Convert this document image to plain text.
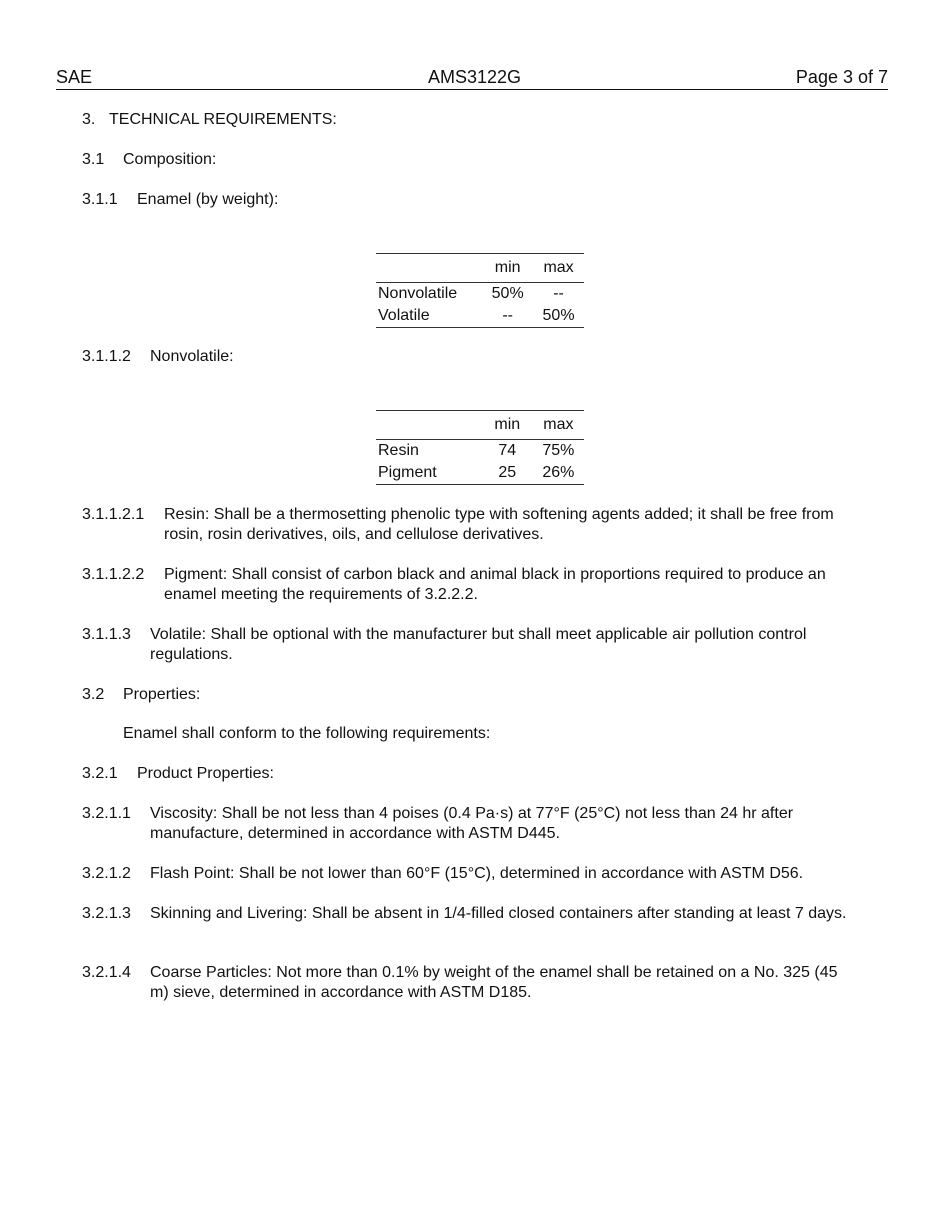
SAE	AMS3122G	Page 3 of 7
3. TECHNICAL REQUIREMENTS:
3.1 Composition:
3.1.1 Enamel (by weight):
	min	max
Nonvolatile	50%	--
Volatile	--	50%
3.1.1.2 Nonvolatile:
	min	max
Resin	74	75%
Pigment	25	26%
3.1.1.2.1 Resin: Shall be a thermosetting phenolic type with softening agents added; it shall be free from rosin, rosin derivatives, oils, and cellulose derivatives.
3.1.1.2.2 Pigment: Shall consist of carbon black and animal black in proportions required to produce an enamel meeting the requirements of 3.2.2.2.
3.1.1.3 Volatile: Shall be optional with the manufacturer but shall meet applicable air pollution control regulations.
3.2 Properties:
Enamel shall conform to the following requirements:
3.2.1 Product Properties:
3.2.1.1 Viscosity: Shall be not less than 4 poises (0.4 Pa·s) at 77°F (25°C) not less than 24 hr after manufacture, determined in accordance with ASTM D445.
3.2.1.2 Flash Point: Shall be not lower than 60°F (15°C), determined in accordance with ASTM D56.
3.2.1.3 Skinning and Livering: Shall be absent in 1/4-filled closed containers after standing at least 7 days.
3.2.1.4 Coarse Particles: Not more than 0.1% by weight of the enamel shall be retained on a No. 325 (45 m) sieve, determined in accordance with ASTM D185.
